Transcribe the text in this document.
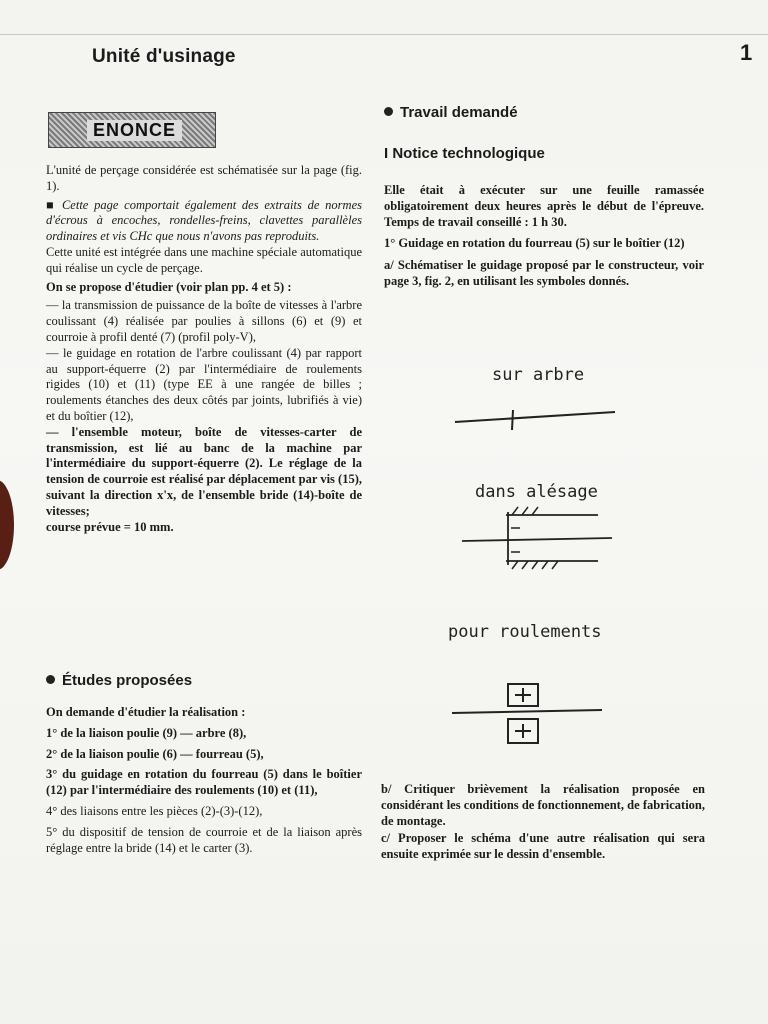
Unité d'usinage	1
ENONCE

L'unité de perçage considérée est schématisée sur la page (fig. 1).

■ Cette page comportait également des extraits de normes d'écrous à encoches, rondelles-freins, clavettes parallèles ordinaires et vis CHc que nous n'avons pas reproduits.

Cette unité est intégrée dans une machine spéciale automatique qui réalise un cycle de perçage.

On se propose d'étudier (voir plan pp. 4 et 5) :

— la transmission de puissance de la boîte de vitesses à l'arbre coulissant (4) réalisée par poulies à sillons (6) et (9) et courroie à profil denté (7) (profil poly-V),
— le guidage en rotation de l'arbre coulissant (4) par rapport au support-équerre (2) par l'intermédiaire de roulements rigides (10) et (11) (type EE à une rangée de billes ; roulements étanches des deux côtés par joints, lubrifiés à vie) et du boîtier (12),
— l'ensemble moteur, boîte de vitesses-carter de transmission, est lié au banc de la machine par l'intermédiaire du support-équerre (2). Le réglage de la tension de courroie est réalisé par déplacement par vis (15), suivant la direction x'x, de l'ensemble bride (14)-boîte de vitesses;

course prévue = 10 mm.

Études proposées

On demande d'étudier la réalisation :

1° de la liaison poulie (9) — arbre (8),

2° de la liaison poulie (6) — fourreau (5),

3° du guidage en rotation du fourreau (5) dans le boîtier (12) par l'intermédiaire des roulements (10) et (11),

4° des liaisons entre les pièces (2)-(3)-(12),

5° du dispositif de tension de courroie et de la liaison après réglage entre la bride (14) et le carter (3).

Travail demandé
I Notice technologique

Elle était à exécuter sur une feuille ramassée obligatoirement deux heures après le début de l'épreuve. Temps de travail conseillé : 1 h 30.

1° Guidage en rotation du fourreau (5) sur le boîtier (12)

a/ Schématiser le guidage proposé par le constructeur, voir page 3, fig. 2, en utilisant les symboles donnés.

sur arbre
dans alésage
pour roulements

b/ Critiquer brièvement la réalisation proposée en considérant les conditions de fonctionnement, de fabrication, de montage.

c/ Proposer le schéma d'une autre réalisation qui sera ensuite exprimée sur le dessin d'ensemble.
